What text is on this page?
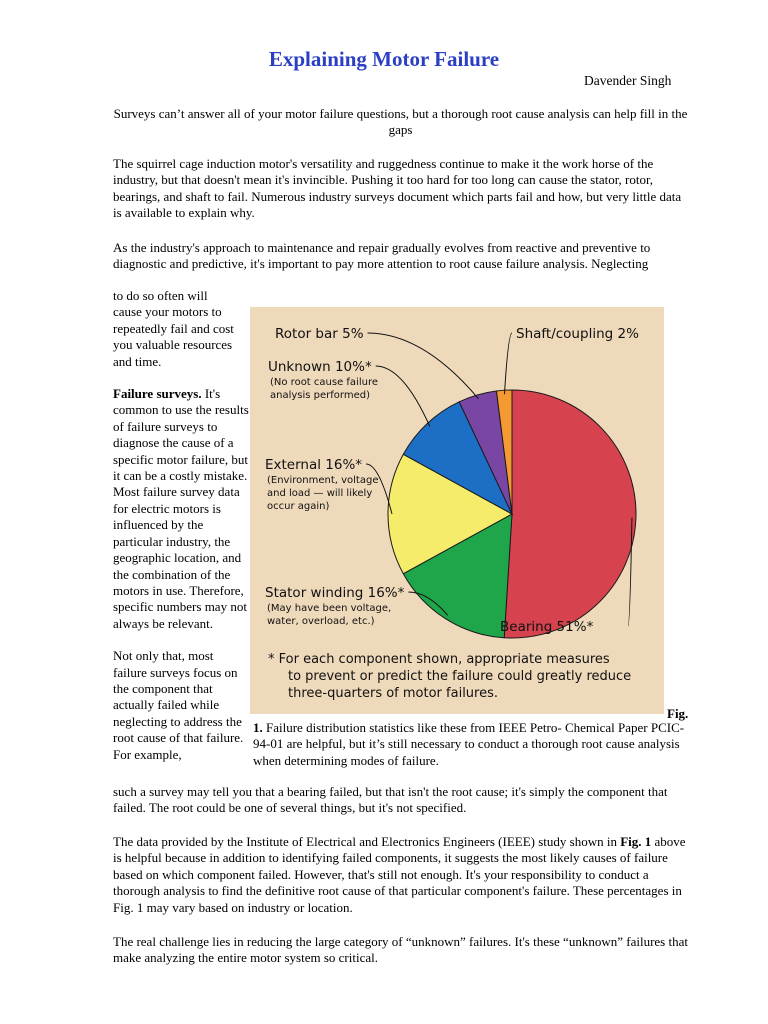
Explaining Motor Failure
Davender Singh

Surveys can’t answer all of your motor failure questions, but a thorough root cause analysis can help fill in the gaps

The squirrel cage induction motor's versatility and ruggedness continue to make it the work horse of the industry, but that doesn't mean it's invincible. Pushing it too hard for too long can cause the stator, rotor, bearings, and shaft to fail. Numerous industry surveys document which parts fail and how, but very little data is available to explain why.

As the industry's approach to maintenance and repair gradually evolves from reactive and preventive to diagnostic and predictive, it's important to pay more attention to root cause failure analysis. Neglecting

to do so often will

cause your motors to repeatedly fail and cost you valuable resources and time.

Failure surveys. It's common to use the results of failure surveys to diagnose the cause of a specific motor failure, but it can be a costly mistake. Most failure survey data for electric motors is influenced by the particular industry, the geographic location, and the combination of the motors in use. Therefore, specific numbers may not always be relevant.

Not only that, most failure surveys focus on the component that actually failed while neglecting to address the root cause of that failure. For example,

Bearing 51%*
Stator winding 16%*
(May have been voltage,
water, overload, etc.)
External 16%*
(Environment, voltage
and load — will likely
occur again)
Unknown 10%*
(No root cause failure
analysis performed)
Rotor bar 5%	Shaft/coupling 2%
* For each component shown, appropriate measures
to prevent or predict the failure could greatly reduce
three-quarters of motor failures.
Fig.

1. Failure distribution statistics like these from IEEE Petro- Chemical Paper PCIC-94-01 are helpful, but it’s still necessary to conduct a thorough root cause analysis when determining modes of failure.

such a survey may tell you that a bearing failed, but that isn't the root cause; it's simply the component that failed. The root could be one of several things, but it's not specified.

The data provided by the Institute of Electrical and Electronics Engineers (IEEE) study shown in Fig. 1 above is helpful because in addition to identifying failed components, it suggests the most likely causes of failure based on which component failed. However, that's still not enough. It's your responsibility to conduct a thorough analysis to find the definitive root cause of that particular component's failure. These percentages in Fig. 1 may vary based on industry or location.

The real challenge lies in reducing the large category of “unknown” failures. It's these “unknown” failures that make analyzing the entire motor system so critical.
